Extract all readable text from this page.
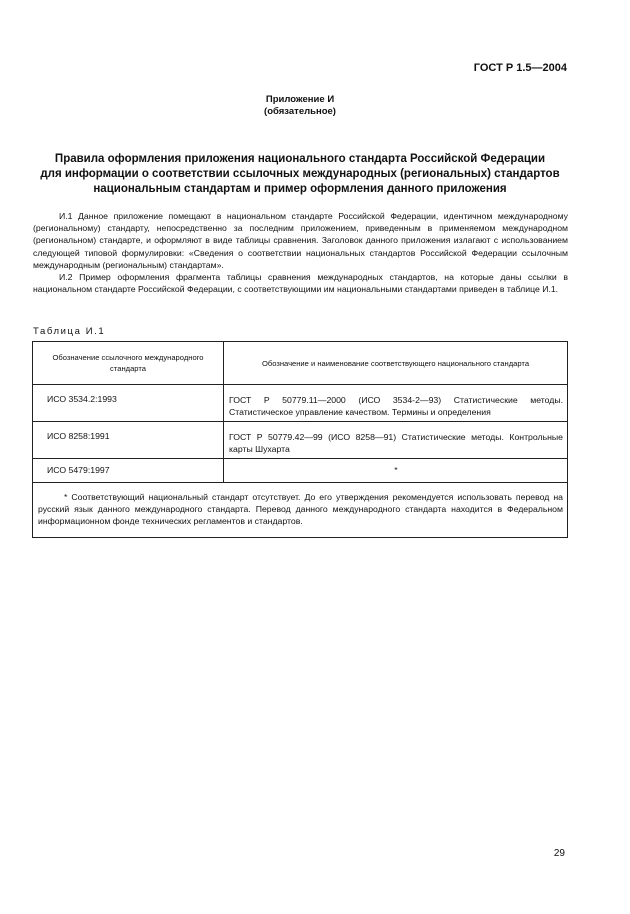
ГОСТ Р 1.5—2004
Приложение И
(обязательное)
Правила оформления приложения национального стандарта Российской Федерации
для информации о соответствии ссылочных международных (региональных) стандартов
национальным стандартам и пример оформления данного приложения

И.1 Данное приложение помещают в национальном стандарте Российской Федерации, идентичном международному (региональному) стандарту, непосредственно за последним приложением, приведенным в применяемом международном (региональном) стандарте, и оформляют в виде таблицы сравнения. Заголовок данного приложения излагают с использованием следующей типовой формулировки: «Сведения о соответствии национальных стандартов Российской Федерации ссылочным международным (региональным) стандартам».

И.2 Пример оформления фрагмента таблицы сравнения международных стандартов, на которые даны ссылки в национальном стандарте Российской Федерации, с соответствующими им национальными стандартами приведен в таблице И.1.

Таблица И.1
Обозначение ссылочного международного стандарта	Обозначение и наименование соответствующего национального стандарта
ИСО 3534.2:1993	ГОСТ Р 50779.11—2000 (ИСО 3534-2—93) Статистические методы. Статистическое управление качеством. Термины и определения
ИСО 8258:1991	ГОСТ Р 50779.42—99 (ИСО 8258—91) Статистические методы. Контрольные карты Шухарта
ИСО 5479:1997	*
* Соответствующий национальный стандарт отсутствует. До его утверждения рекомендуется использовать перевод на русский язык данного международного стандарта. Перевод данного международного стандарта находится в Федеральном информационном фонде технических регламентов и стандартов.	
29
